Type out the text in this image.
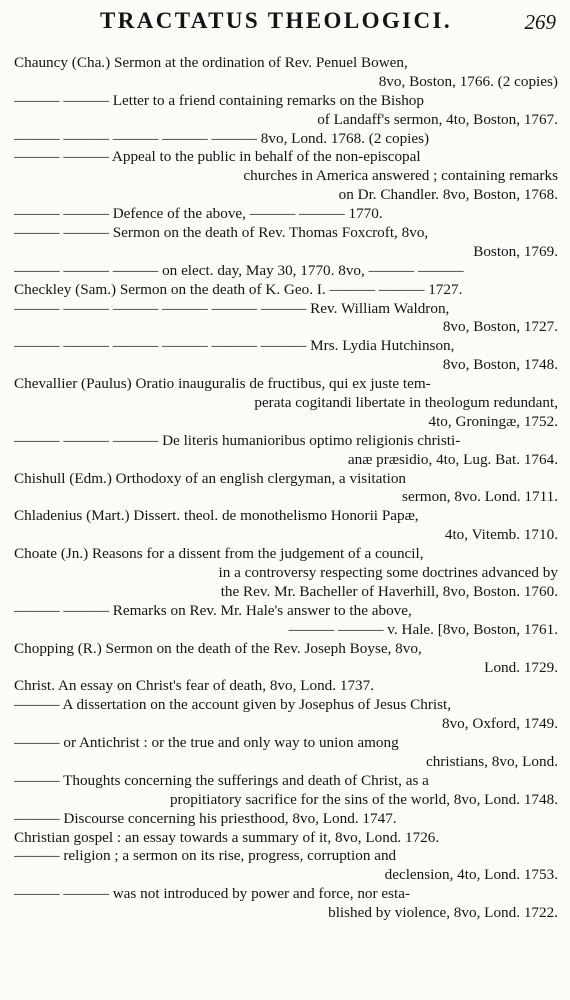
TRACTATUS THEOLOGICI.	269
Chauncy (Cha.) Sermon at the ordination of Rev. Penuel Bowen,
8vo, Boston, 1766. (2 copies)
——— ——— Letter to a friend containing remarks on the Bishop
of Landaff's sermon, 4to, Boston, 1767.
——— ——— ——— ——— ——— 8vo, Lond. 1768. (2 copies)
——— ——— Appeal to the public in behalf of the non-episcopal
churches in America answered ; containing remarks
on Dr. Chandler. 8vo, Boston, 1768.
——— ——— Defence of the above, ——— ——— 1770.
——— ——— Sermon on the death of Rev. Thomas Foxcroft, 8vo,
Boston, 1769.
——— ——— ——— on elect. day, May 30, 1770. 8vo, ——— ———
Checkley (Sam.) Sermon on the death of K. Geo. I. ——— ——— 1727.
——— ——— ——— ——— ——— ——— Rev. William Waldron,
8vo, Boston, 1727.
——— ——— ——— ——— ——— ——— Mrs. Lydia Hutchinson,
8vo, Boston, 1748.
Chevallier (Paulus) Oratio inauguralis de fructibus, qui ex juste tem-
perata cogitandi libertate in theologum redundant,
4to, Groningæ, 1752.
——— ——— ——— De literis humanioribus optimo religionis christi-
anæ præsidio, 4to, Lug. Bat. 1764.
Chishull (Edm.) Orthodoxy of an english clergyman, a visitation
sermon, 8vo. Lond. 1711.
Chladenius (Mart.) Dissert. theol. de monothelismo Honorii Papæ,
4to, Vitemb. 1710.
Choate (Jn.) Reasons for a dissent from the judgement of a council,
in a controversy respecting some doctrines advanced by
the Rev. Mr. Bacheller of Haverhill, 8vo, Boston. 1760.
——— ——— Remarks on Rev. Mr. Hale's answer to the above,
——— ——— v. Hale. [8vo, Boston, 1761.
Chopping (R.) Sermon on the death of the Rev. Joseph Boyse, 8vo,
Lond. 1729.
Christ. An essay on Christ's fear of death, 8vo, Lond. 1737.
——— A dissertation on the account given by Josephus of Jesus Christ,
8vo, Oxford, 1749.
——— or Antichrist : or the true and only way to union among
christians, 8vo, Lond.
——— Thoughts concerning the sufferings and death of Christ, as a
propitiatory sacrifice for the sins of the world, 8vo, Lond. 1748.
——— Discourse concerning his priesthood, 8vo, Lond. 1747.
Christian gospel : an essay towards a summary of it, 8vo, Lond. 1726.
——— religion ; a sermon on its rise, progress, corruption and
declension, 4to, Lond. 1753.
——— ——— was not introduced by power and force, nor esta-
blished by violence, 8vo, Lond. 1722.
